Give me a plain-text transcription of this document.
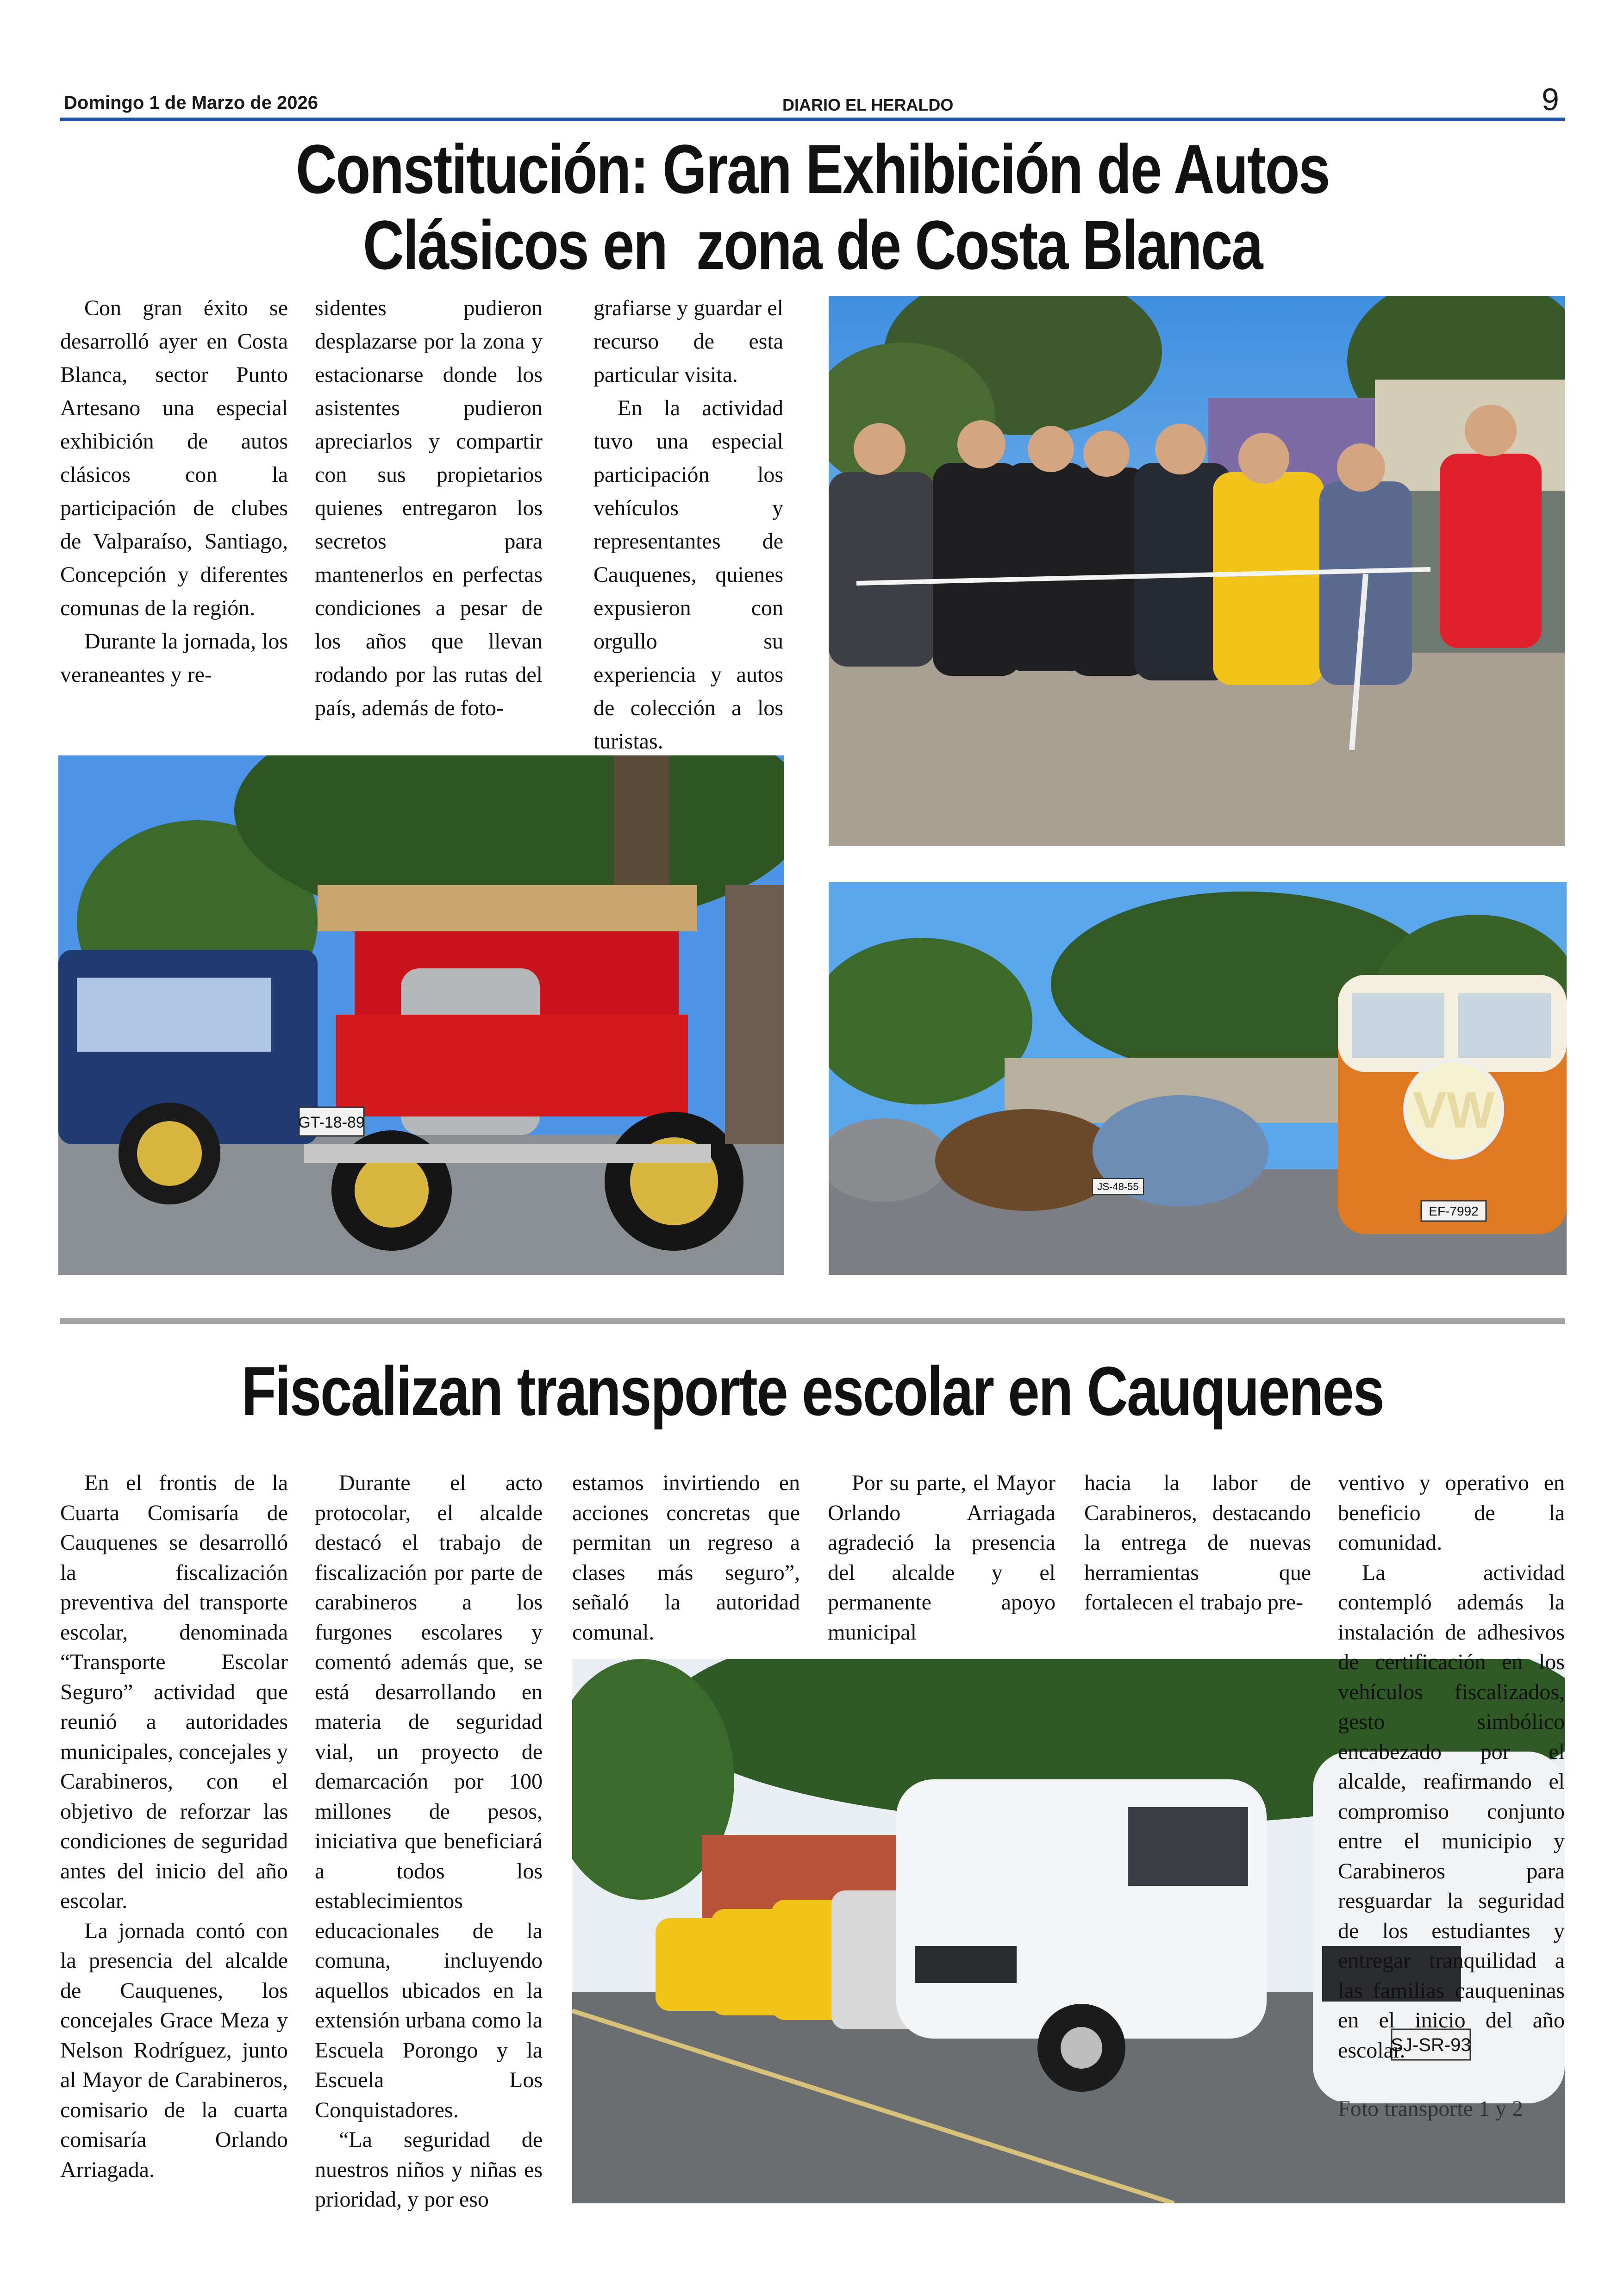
Domingo 1 de Marzo de 2026	DIARIO EL HERALDO	9
Constitución: Gran Exhibición de Autos
Clásicos en  zona de Costa Blanca

Con gran éxito se desarrolló ayer en Costa Blanca, sector Punto Artesano una especial exhibición de autos clásicos con la participación de clubes de Valparaíso, Santiago, Concepción y diferentes comunas de la región.

Durante la jornada, los veraneantes y re-

sidentes pudieron desplazarse por la zona y estacionarse donde los asistentes pudieron apreciarlos y compartir con sus propietarios quienes entregaron los secretos para mantenerlos en perfectas condiciones a pesar de los años que llevan rodando por las rutas del país, además de foto-

grafiarse y guardar el recurso de esta particular visita.

En la actividad tuvo una especial participación los vehículos y representantes de Cauquenes, quienes expusieron con orgullo su experiencia y autos de colección a los turistas.

GT-18-89	VW
EF-7992
JS-48-55
Fiscalizan transporte escolar en Cauquenes

En el frontis de la Cuarta Comisaría de Cauquenes se desarrolló la fiscalización preventiva del transporte escolar, denominada “Transporte Escolar Seguro” actividad que reunió a autoridades municipales, concejales y Carabineros, con el objetivo de reforzar las condiciones de seguridad antes del inicio del año escolar.

La jornada contó con la presencia del alcalde de Cauquenes, los concejales Grace Meza y Nelson Rodríguez, junto al Mayor de Carabineros, comisario de la cuarta comisaría Orlando Arriagada.

Durante el acto protocolar, el alcalde destacó el trabajo de fiscalización por parte de carabineros a los furgones escolares y comentó además que, se está desarrollando en materia de seguridad vial, un proyecto de demarcación por 100 millones de pesos, iniciativa que beneficiará a todos los establecimientos educacionales de la comuna, incluyendo aquellos ubicados en la extensión urbana como la Escuela Porongo y la Escuela Los Conquistadores.

“La seguridad de nuestros niños y niñas es prioridad, y por eso

estamos invirtiendo en acciones concretas que permitan un regreso a clases más seguro”, señaló la autoridad comunal.

Por su parte, el Mayor Orlando Arriagada agradeció la presencia del alcalde y el permanente apoyo municipal

hacia la labor de Carabineros, destacando la entrega de nuevas herramientas que fortalecen el trabajo pre-

SJ-SR-93

ventivo y operativo en beneficio de la comunidad.

La actividad contempló además la instalación de adhesivos de certificación en los vehículos fiscalizados, gesto simbólico encabezado por el alcalde, reafirmando el compromiso conjunto entre el municipio y Carabineros para resguardar la seguridad de los estudiantes y entregar tranquilidad a las familias cauqueninas en el inicio del año escolar.

Foto transporte 1 y 2
